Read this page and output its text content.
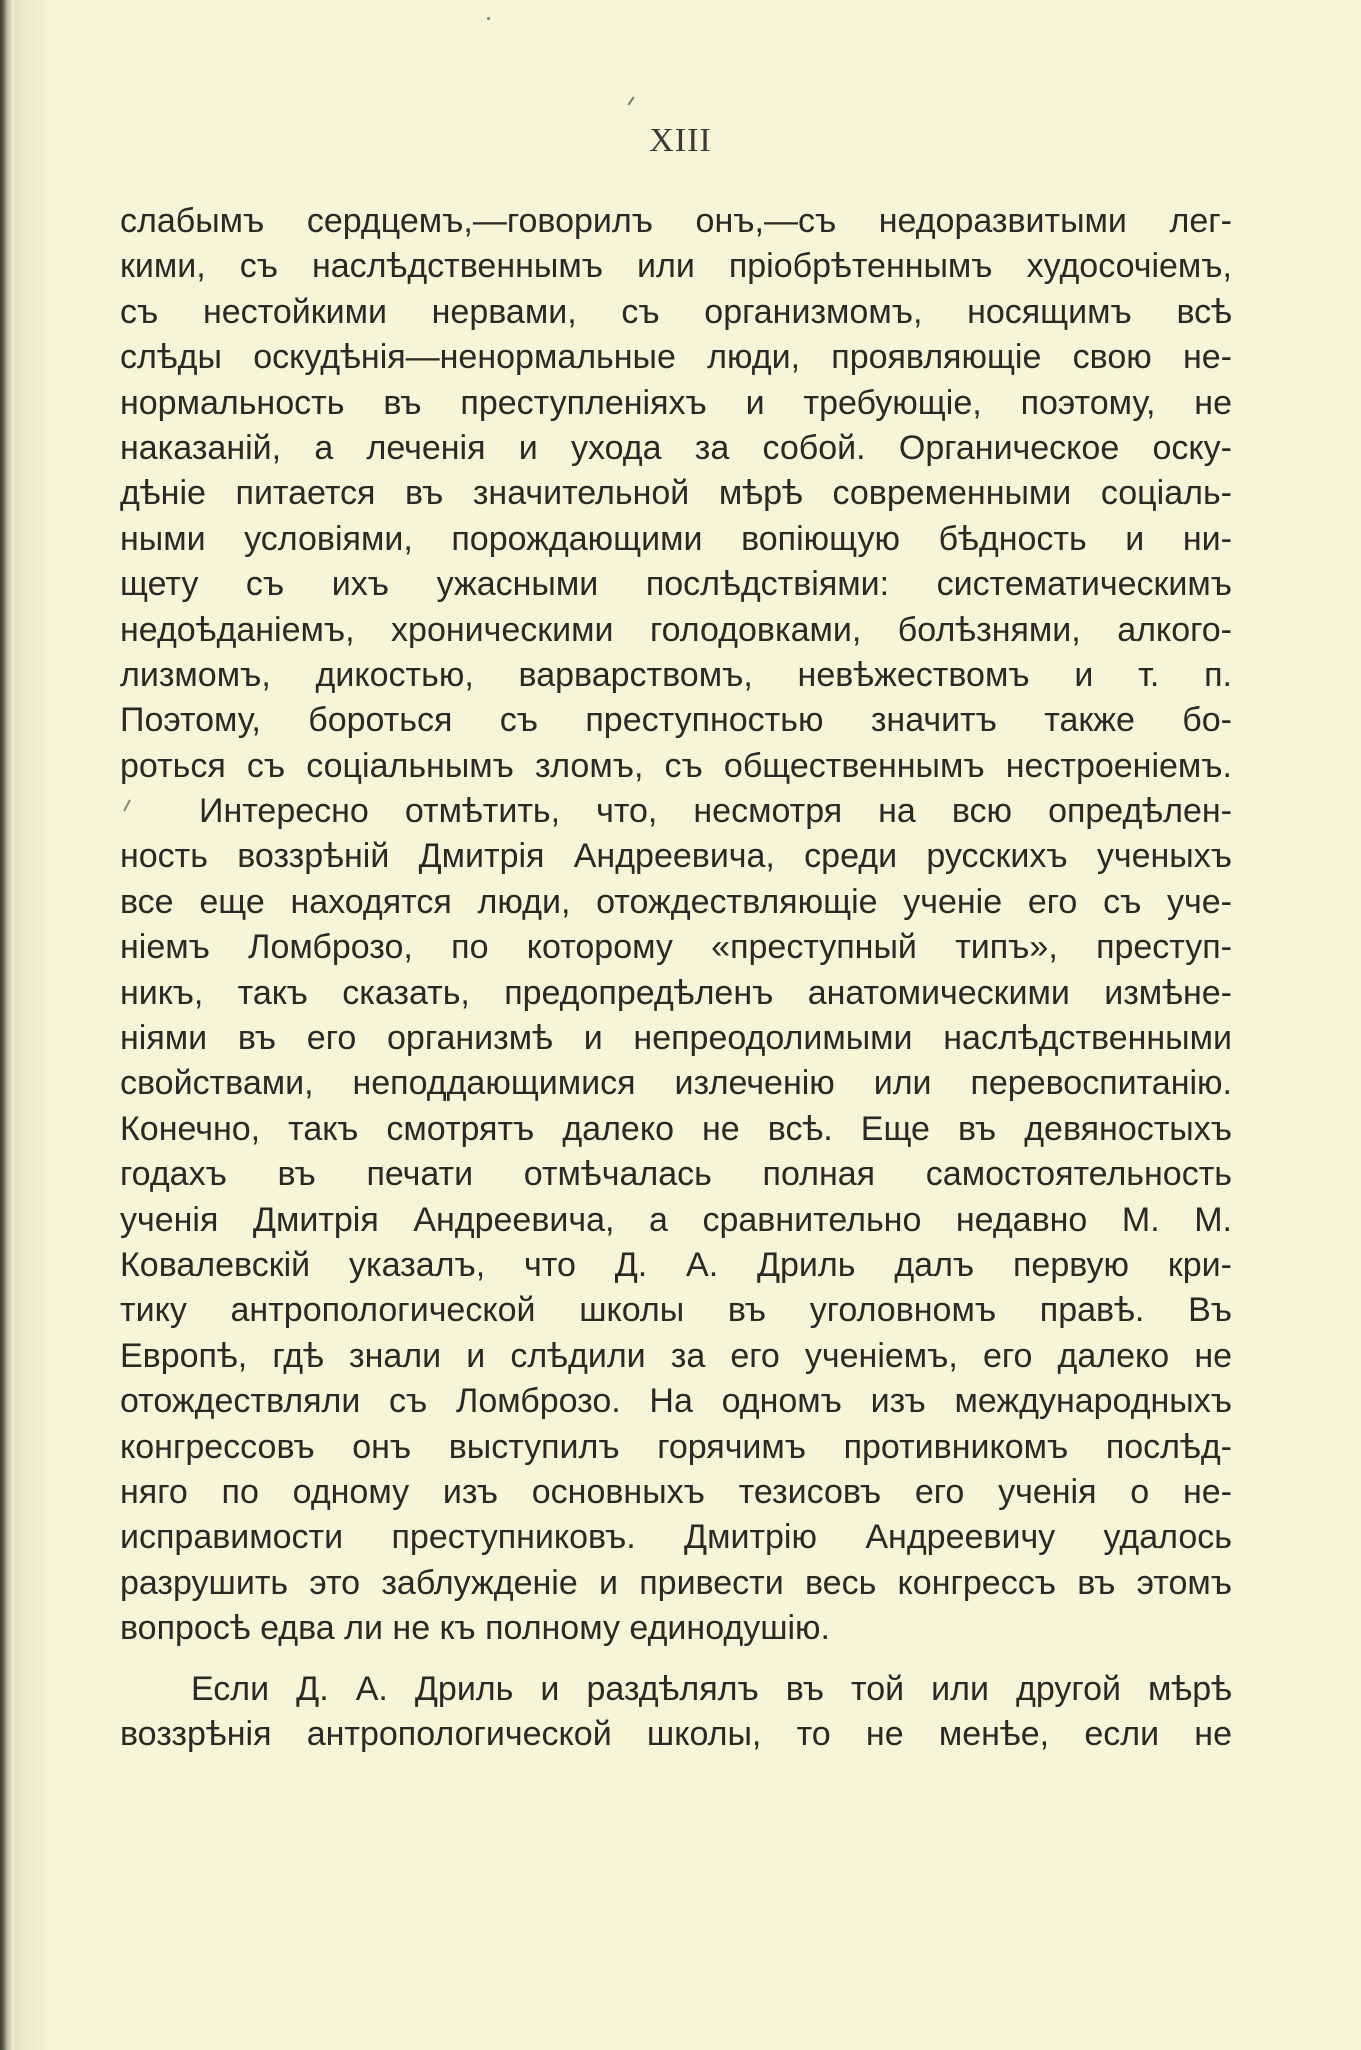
XIII
слабымъ сердцемъ,—говорилъ онъ,—съ недоразвитыми лег-
кими, съ наслѣдственнымъ или пріобрѣтеннымъ худосочіемъ,
съ нестойкими нервами, съ организмомъ, носящимъ всѣ
слѣды оскудѣнія—ненормальные люди, проявляющіе свою не-
нормальность въ преступленіяхъ и требующіе, поэтому, не
наказаній, а леченія и ухода за собой. Органическое оску-
дѣніе питается въ значительной мѣрѣ современными соціаль-
ными условіями, порождающими вопіющую бѣдность и ни-
щету съ ихъ ужасными послѣдствіями: систематическимъ
недоѣданіемъ, хроническими голодовками, болѣзнями, алкого-
лизмомъ, дикостью, варварствомъ, невѣжествомъ и т. п.
Поэтому, бороться съ преступностью значитъ также бо-
роться съ соціальнымъ зломъ, съ общественнымъ нестроеніемъ.
Интересно отмѣтить, что, несмотря на всю опредѣлен-
ность воззрѣній Дмитрія Андреевича, среди русскихъ ученыхъ
все еще находятся люди, отождествляющіе ученіе его съ уче-
ніемъ Ломброзо, по которому «преступный типъ», преступ-
никъ, такъ сказать, предопредѣленъ анатомическими измѣне-
ніями въ его организмѣ и непреодолимыми наслѣдственными
свойствами, неподдающимися излеченію или перевоспитанію.
Конечно, такъ смотрятъ далеко не всѣ. Еще въ девяностыхъ
годахъ въ печати отмѣчалась полная самостоятельность
ученія Дмитрія Андреевича, а сравнительно недавно М. М.
Ковалевскій указалъ, что Д. А. Дриль далъ первую кри-
тику антропологической школы въ уголовномъ правѣ. Въ
Европѣ, гдѣ знали и слѣдили за его ученіемъ, его далеко не
отождествляли съ Ломброзо. На одномъ изъ международныхъ
конгрессовъ онъ выступилъ горячимъ противникомъ послѣд-
няго по одному изъ основныхъ тезисовъ его ученія о не-
исправимости преступниковъ. Дмитрію Андреевичу удалось
разрушить это заблужденіе и привести весь конгрессъ въ этомъ
вопросѣ едва ли не къ полному единодушію.
Если Д. А. Дриль и раздѣлялъ въ той или другой мѣрѣ
воззрѣнія антропологической школы, то не менѣе, если не
